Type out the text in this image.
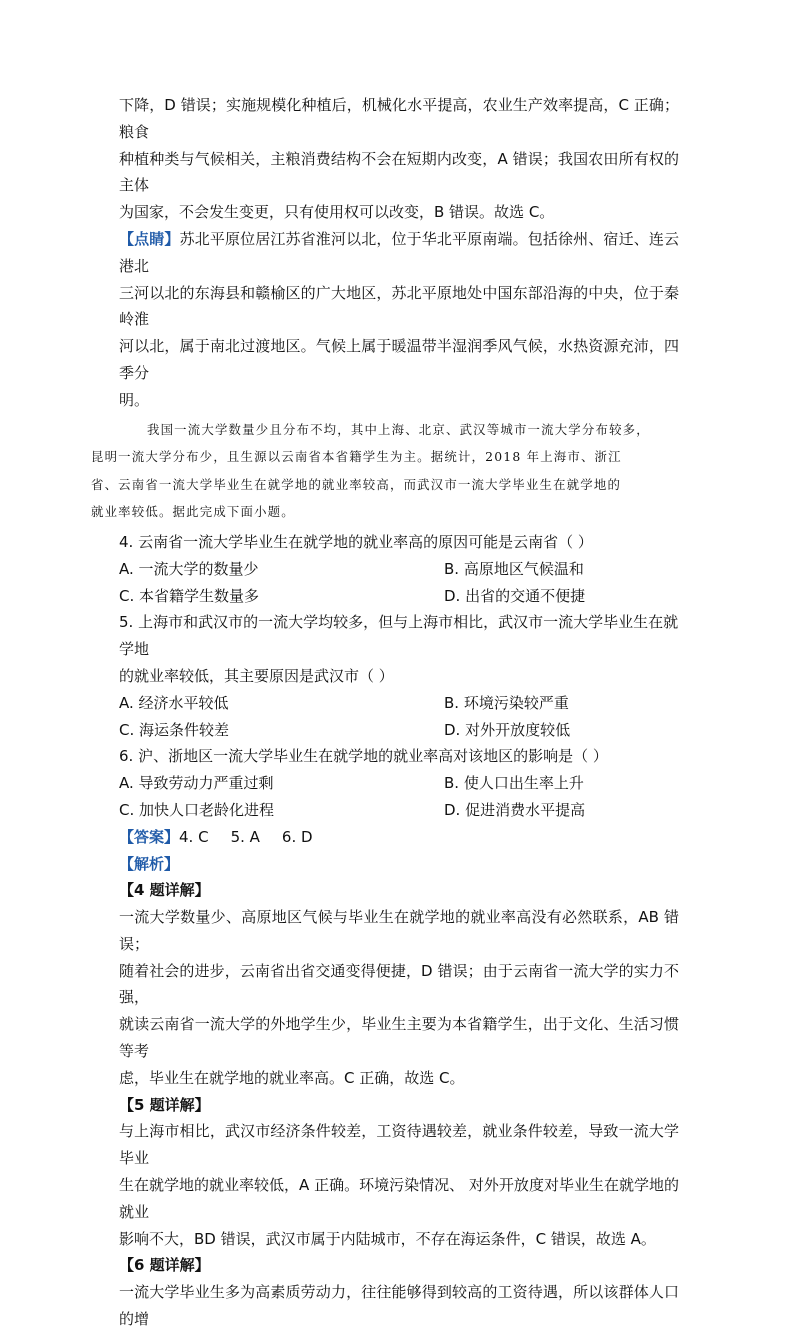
下降，D 错误；实施规模化种植后，机械化水平提高，农业生产效率提高，C 正确；粮食

种植种类与气候相关，主粮消费结构不会在短期内改变，A 错误；我国农田所有权的主体

为国家，不会发生变更，只有使用权可以改变，B 错误。故选 C。

【点睛】苏北平原位居江苏省淮河以北，位于华北平原南端。包括徐州、宿迁、连云港北

三河以北的东海县和赣榆区的广大地区，苏北平原地处中国东部沿海的中央，位于秦岭淮

河以北，属于南北过渡地区。气候上属于暖温带半湿润季风气候，水热资源充沛，四季分

明。

我国一流大学数量少且分布不均，其中上海、北京、武汉等城市一流大学分布较多，
昆明一流大学分布少，且生源以云南省本省籍学生为主。据统计，2018 年上海市、浙江
省、云南省一流大学毕业生在就学地的就业率较高，而武汉市一流大学毕业生在就学地的
就业率较低。据此完成下面小题。

4. 云南省一流大学毕业生在就学地的就业率高的原因可能是云南省（ ）

A. 一流大学的数量少	B. 高原地区气候温和
C. 本省籍学生数量多	D. 出省的交通不便捷

5. 上海市和武汉市的一流大学均较多，但与上海市相比，武汉市一流大学毕业生在就学地

的就业率较低，其主要原因是武汉市（ ）

A. 经济水平较低	B. 环境污染较严重
C. 海运条件较差	D. 对外开放度较低

6. 沪、浙地区一流大学毕业生在就学地的就业率高对该地区的影响是（ ）

A. 导致劳动力严重过剩	B. 使人口出生率上升
C. 加快人口老龄化进程	D. 促进消费水平提高

【答案】4. C 5. A 6. D

【解析】

【4 题详解】

一流大学数量少、高原地区气候与毕业生在就学地的就业率高没有必然联系，AB 错误；

随着社会的进步，云南省出省交通变得便捷，D 错误；由于云南省一流大学的实力不强，

就读云南省一流大学的外地学生少，毕业生主要为本省籍学生，出于文化、生活习惯等考

虑，毕业生在就学地的就业率高。C 正确，故选 C。

【5 题详解】

与上海市相比，武汉市经济条件较差，工资待遇较差，就业条件较差，导致一流大学毕业

生在就学地的就业率较低，A 正确。环境污染情况、 对外开放度对毕业生在就学地的就业

影响不大，BD 错误，武汉市属于内陆城市，不存在海运条件，C 错误，故选 A。

【6 题详解】

一流大学毕业生多为高素质劳动力，往往能够得到较高的工资待遇，所以该群体人口的增
